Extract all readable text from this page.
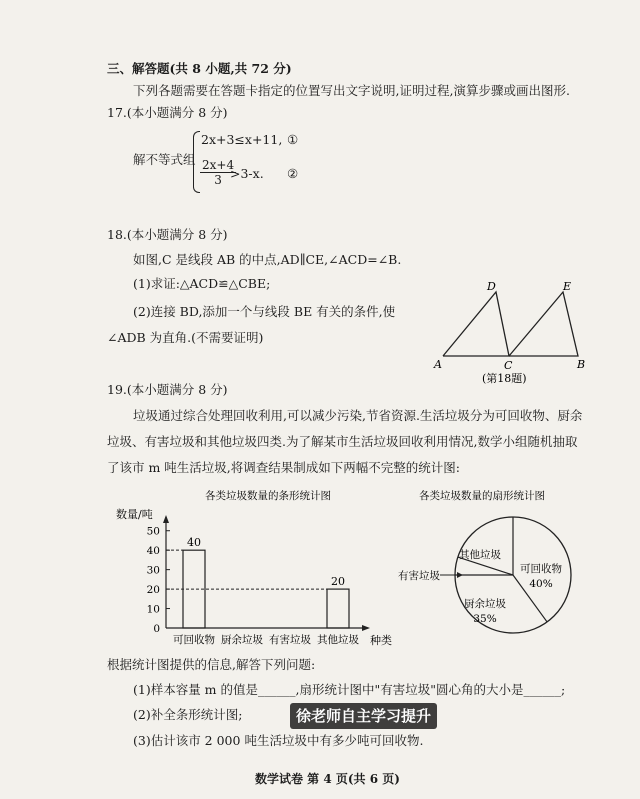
三、解答题(共 8 小题,共 72 分)
下列各题需要在答题卡指定的位置写出文字说明,证明过程,演算步骤或画出图形.
17.(本小题满分 8 分)
解不等式组
2x+3≤x+11, ①
$\frac{2x+4}{3}$
>3-x. ②
18.(本小题满分 8 分)
如图,C 是线段 AB 的中点,AD∥CE,∠ACD=∠B.
(1)求证:△ACD≌△CBE;
(2)连接 BD,添加一个与线段 BE 有关的条件,使
∠ADB 为直角.(不需要证明)
A	C	B
D	E
(第18题)
19.(本小题满分 8 分)
垃圾通过综合处理回收利用,可以减少污染,节省资源.生活垃圾分为可回收物、厨余
垃圾、有害垃圾和其他垃圾四类.为了解某市生活垃圾回收利用情况,数学小组随机抽取
了该市 m 吨生活垃圾,将调查结果制成如下两幅不完整的统计图:
各类垃圾数量的条形统计图
数量/吨
0
10
20
30
40
50
40
20
可回收物 厨余垃圾 有害垃圾 其他垃圾 种类
各类垃圾数量的扇形统计图
可回收物
40%
厨余垃圾
35%
其他垃圾
有害垃圾
根据统计图提供的信息,解答下列问题:
(1)样本容量 m 的值是______,扇形统计图中"有害垃圾"圆心角的大小是______;
(2)补全条形统计图;
(3)估计该市 2 000 吨生活垃圾中有多少吨可回收物.
徐老师自主学习提升
数学试卷 第 4 页(共 6 页)
